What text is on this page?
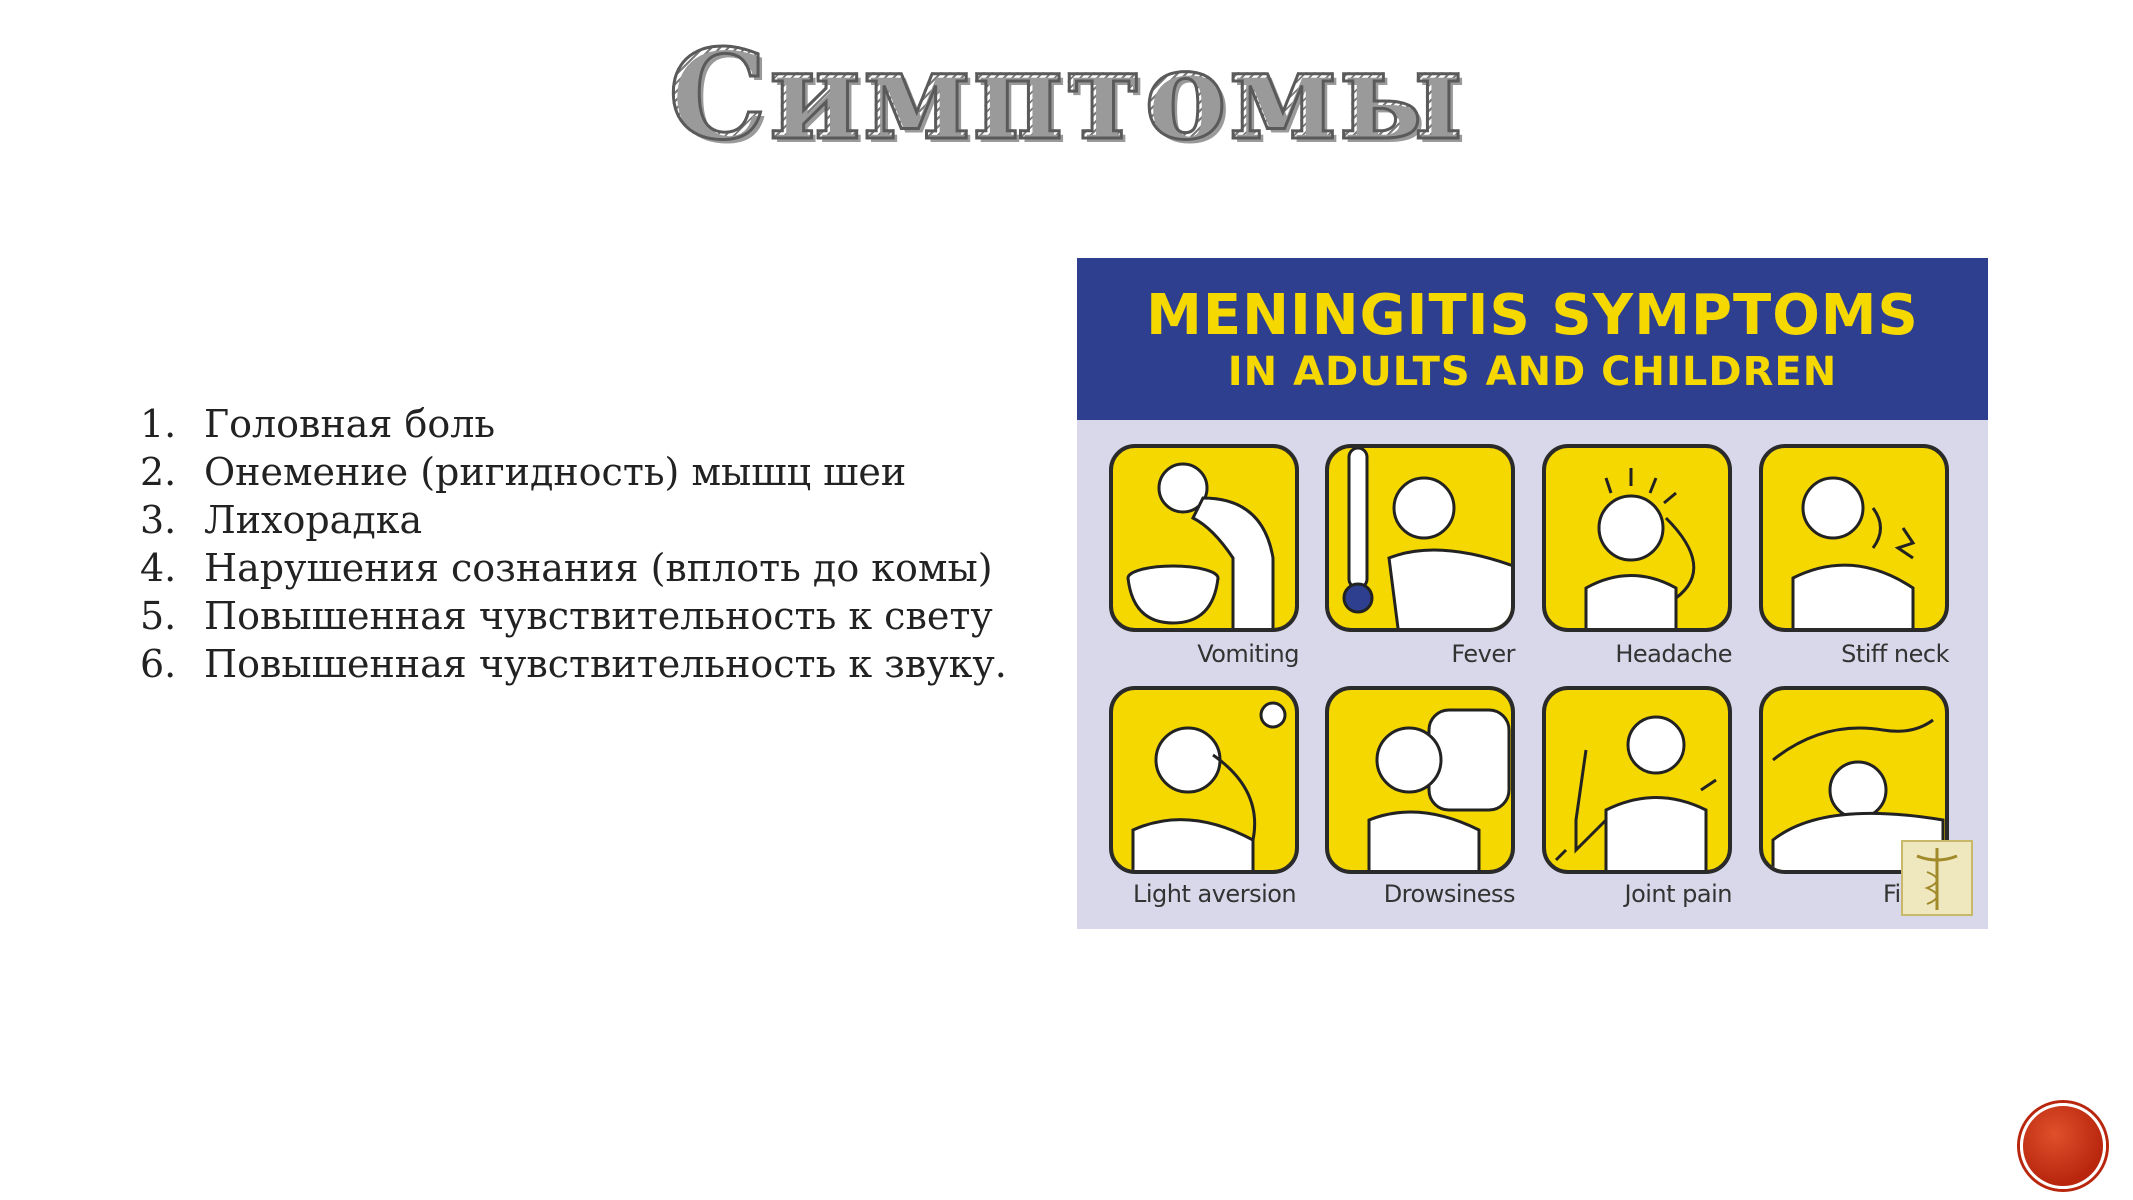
Симптомы
1. Головная боль
2. Онемение (ригидность) мышц шеи
3. Лихорадка
4. Нарушения сознания (вплоть до комы)
5. Повышенная чувствительность к свету
6. Повышенная чувствительность к звуку.
MENINGITIS SYMPTOMS
IN ADULTS AND CHILDREN
Vomiting	Fever	Headache	Stiff neck
Light aversion	Drowsiness	Joint pain	Fi
